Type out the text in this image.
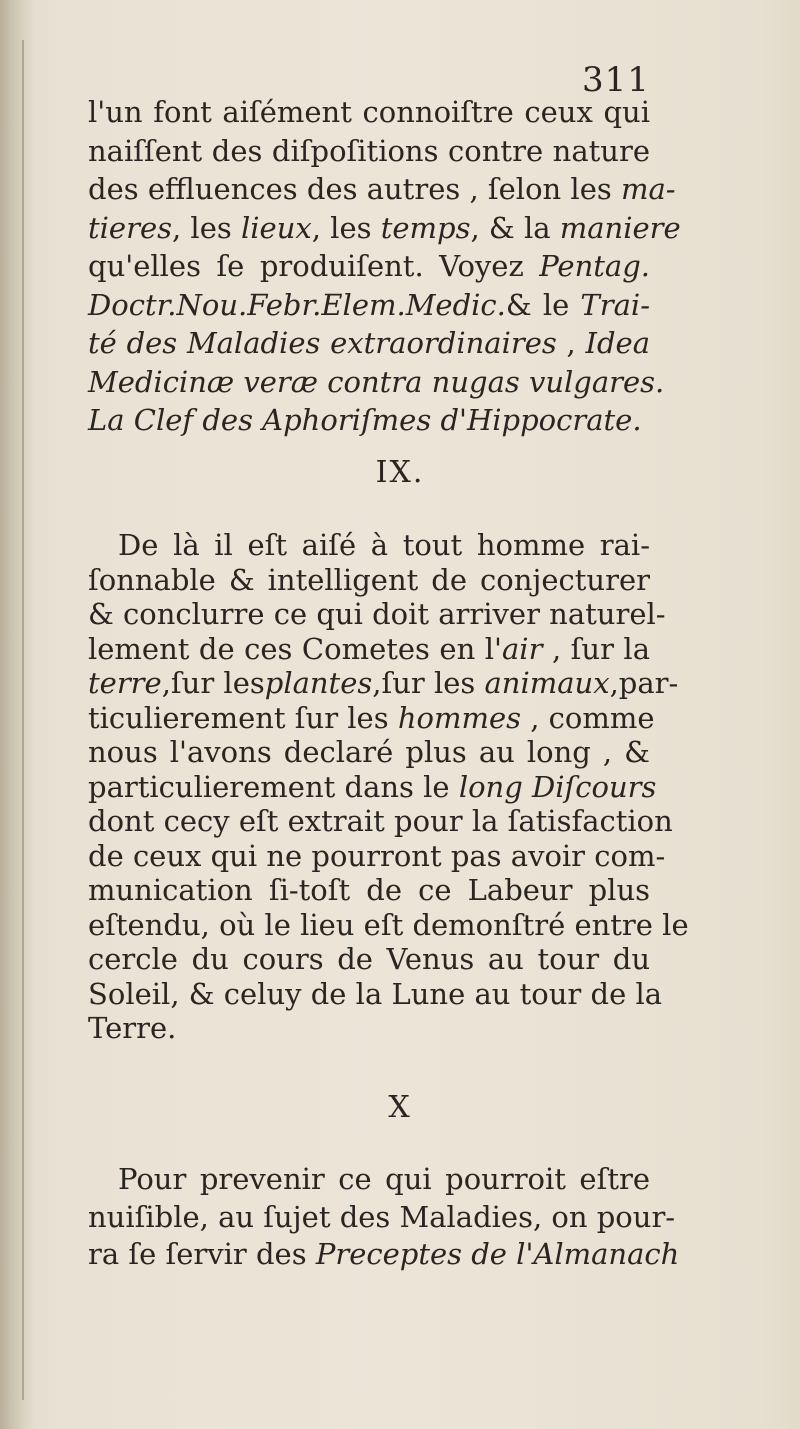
311
l'un font aiſément connoiſtre ceux qui
naiſſent des diſpoſitions contre nature
des effluences des autres , ſelon les ma-
tieres, les lieux, les temps, & la maniere
qu'elles ſe produiſent. Voyez Pentag.
Doctr.Nou.Febr.Elem.Medic.& le Trai-
té des Maladies extraordinaires , Idea
Medicinæ veræ contra nugas vulgares.
La Clef des Aphoriſmes d'Hippocrate.
IX.
De là il eſt aiſé à tout homme rai-
ſonnable & intelligent de conjecturer
& conclurre ce qui doit arriver naturel-
lement de ces Cometes en l'air , ſur la
terre,ſur lesplantes,ſur les animaux,par-
ticulierement ſur les hommes , comme
nous l'avons declaré plus au long , &
particulierement dans le long Diſcours
dont cecy eſt extrait pour la ſatisfaction
de ceux qui ne pourront pas avoir com-
munication ſi-toſt de ce Labeur plus
eſtendu, où le lieu eſt demonſtré entre le
cercle du cours de Venus au tour du
Soleil, & celuy de la Lune au tour de la
Terre.
X
Pour prevenir ce qui pourroit eſtre
nuiſible, au ſujet des Maladies, on pour-
ra ſe ſervir des Preceptes de l'Almanach
